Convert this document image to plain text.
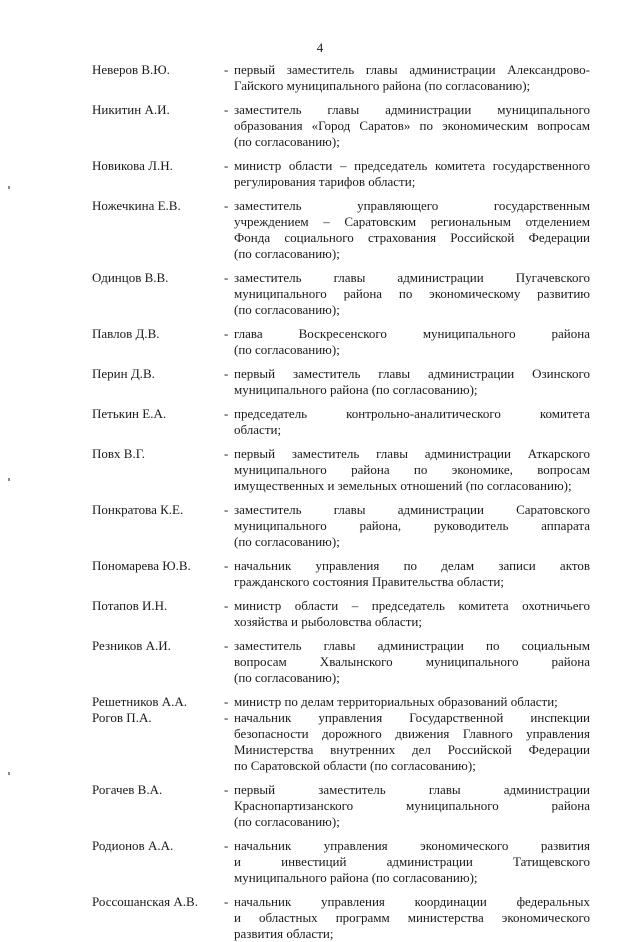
4
Неверов В.Ю.	- первый заместитель главы администрации Александрово-
Гайского муниципального района (по согласованию);
Никитин А.И.	- заместитель главы администрации муниципального
образования «Город Саратов» по экономическим вопросам
(по согласованию);
Новикова Л.Н.	- министр области – председатель комитета государственного
регулирования тарифов области;
Ножечкина Е.В.	- заместитель управляющего государственным
учреждением – Саратовским региональным отделением
Фонда социального страхования Российской Федерации
(по согласованию);
Одинцов В.В.	- заместитель главы администрации Пугачевского
муниципального района по экономическому развитию
(по согласованию);
Павлов Д.В.	- глава Воскресенского муниципального района
(по согласованию);
Перин Д.В.	- первый заместитель главы администрации Озинского
муниципального района (по согласованию);
Петькин Е.А.	- председатель контрольно-аналитического комитета
области;
Повх В.Г.	- первый заместитель главы администрации Аткарского
муниципального района по экономике, вопросам
имущественных и земельных отношений (по согласованию);
Понкратова К.Е.	- заместитель главы администрации Саратовского
муниципального района, руководитель аппарата
(по согласованию);
Пономарева Ю.В.	- начальник управления по делам записи актов
гражданского состояния Правительства области;
Потапов И.Н.	- министр области – председатель комитета охотничьего
хозяйства и рыболовства области;
Резников А.И.	- заместитель главы администрации по социальным
вопросам Хвалынского муниципального района
(по согласованию);
Решетников А.А.	- министр по делам территориальных образований области;
Рогов П.А.	- начальник управления Государственной инспекции
безопасности дорожного движения Главного управления
Министерства внутренних дел Российской Федерации
по Саратовской области (по согласованию);
Рогачев В.А.	- первый заместитель главы администрации
Краснопартизанского муниципального района
(по согласованию);
Родионов А.А.	- начальник управления экономического развития
и инвестиций администрации Татищевского
муниципального района (по согласованию);
Россошанская А.В.	- начальник управления координации федеральных
и областных программ министерства экономического
развития области;
